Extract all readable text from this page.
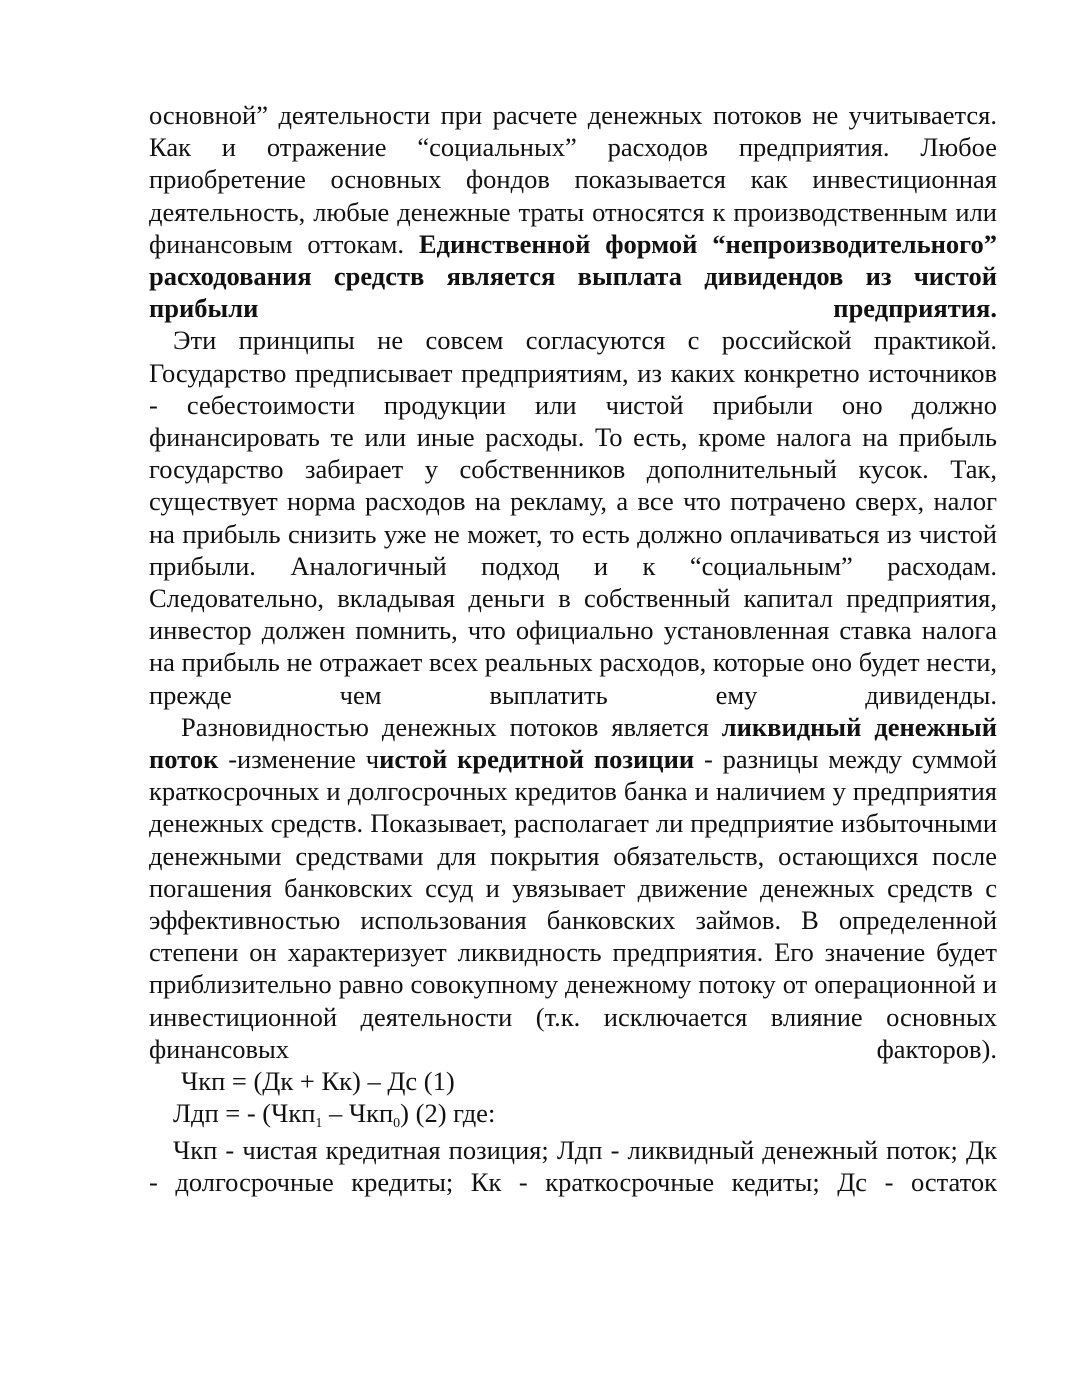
основной” деятельности при расчете денежных потоков не учитывается. Как и отражение “социальных” расходов предприятия. Любое приобретение основных фондов показывается как инвестиционная деятельность, любые денежные траты относятся к производственным или финансовым оттокам. Единственной формой “непроизводительного” расходования средств является выплата дивидендов из чистой прибыли предприятия.

Эти принципы не совсем согласуются с российской практикой. Государство предписывает предприятиям, из каких конкретно источников - себестоимости продукции или чистой прибыли оно должно финансировать те или иные расходы. То есть, кроме налога на прибыль государство забирает у собственников дополнительный кусок. Так, существует норма расходов на рекламу, а все что потрачено сверх, налог на прибыль снизить уже не может, то есть должно оплачиваться из чистой прибыли. Аналогичный подход и к “социальным” расходам. Следовательно, вкладывая деньги в собственный капитал предприятия, инвестор должен помнить, что официально установленная ставка налога на прибыль не отражает всех реальных расходов, которые оно будет нести, прежде чем выплатить ему дивиденды.

Разновидностью денежных потоков является ликвидный денежный поток -изменение чистой кредитной позиции - разницы между суммой краткосрочных и долгосрочных кредитов банка и наличием у предприятия денежных средств. Показывает, располагает ли предприятие избыточными денежными средствами для покрытия обязательств, остающихся после погашения банковских ссуд и увязывает движение денежных средств с эффективностью использования банковских займов. В определенной степени он характеризует ликвидность предприятия. Его значение будет приблизительно равно совокупному денежному потоку от операционной и инвестиционной деятельности (т.к. исключается влияние основных финансовых факторов).

Чкп = (Дк + Кк) – Дс (1)

Лдп = - (Чкп$_1$ – Чкп$_0$) (2) где:

Чкп - чистая кредитная позиция; Лдп - ликвидный денежный поток; Дк - долгосрочные кредиты; Кк - краткосрочные кедиты; Дс - остаток
